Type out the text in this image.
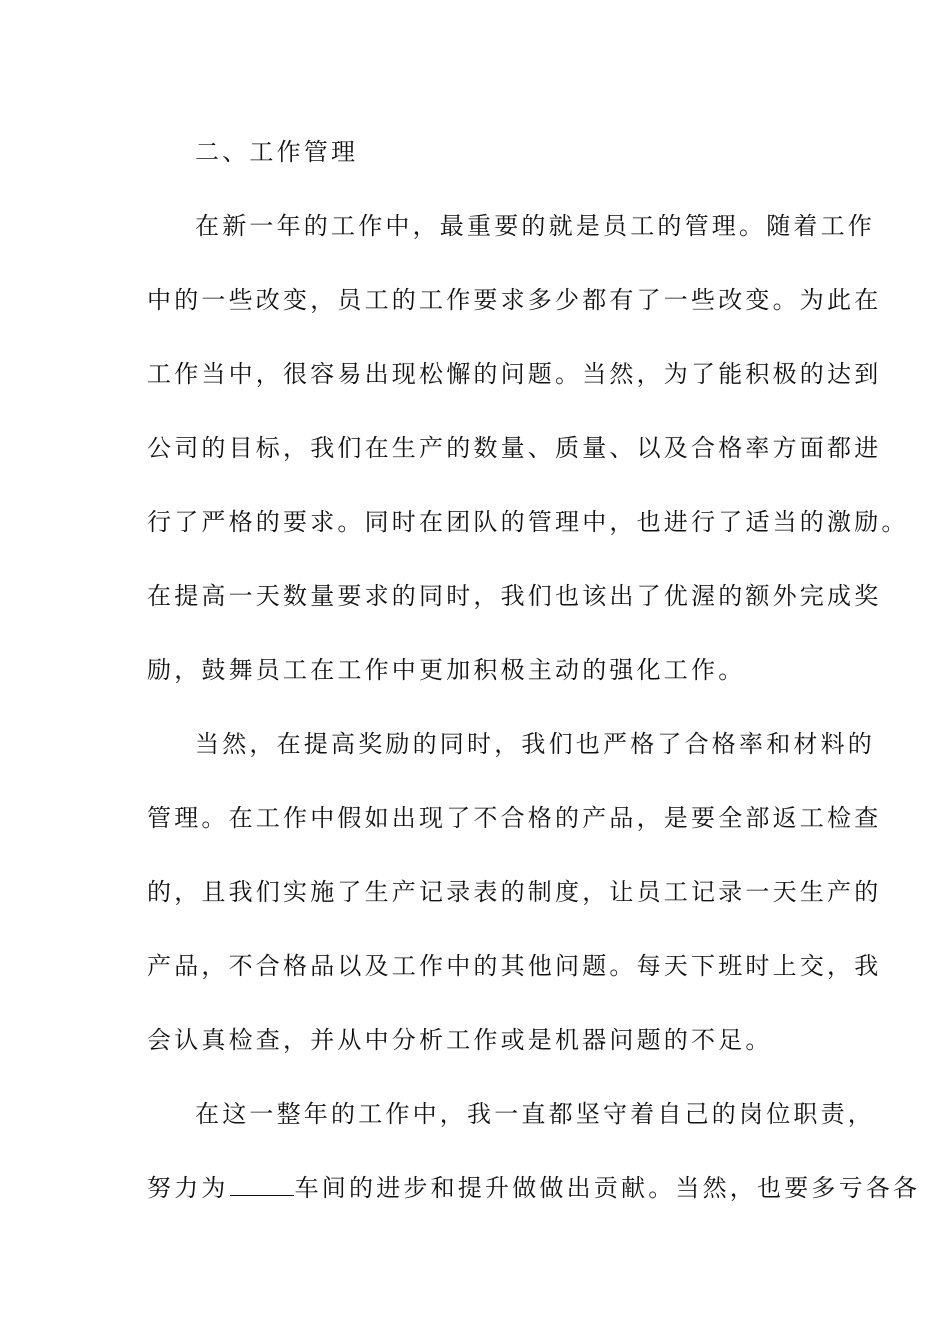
二、工作管理
在新一年的工作中，最重要的就是员工的管理。随着工作
中的一些改变，员工的工作要求多少都有了一些改变。为此在
工作当中，很容易出现松懈的问题。当然，为了能积极的达到
公司的目标，我们在生产的数量、质量、以及合格率方面都进
行了严格的要求。同时在团队的管理中，也进行了适当的激励。
在提高一天数量要求的同时，我们也该出了优渥的额外完成奖
励，鼓舞员工在工作中更加积极主动的强化工作。
当然，在提高奖励的同时，我们也严格了合格率和材料的
管理。在工作中假如出现了不合格的产品，是要全部返工检查
的，且我们实施了生产记录表的制度，让员工记录一天生产的
产品，不合格品以及工作中的其他问题。每天下班时上交，我
会认真检查，并从中分析工作或是机器问题的不足。
在这一整年的工作中，我一直都坚守着自己的岗位职责，
努力为	车间的进步和提升做做出贡献。当然，也要多亏各各
